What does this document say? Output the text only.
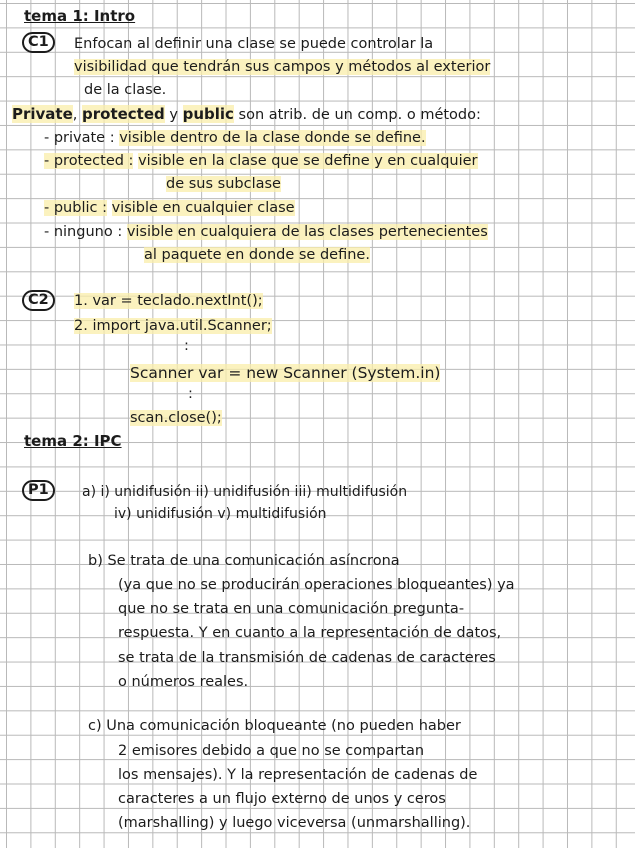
tema 1: Intro
C1	Enfocan al definir una clase se puede controlar la
visibilidad que tendrán sus campos y métodos al exterior
de la clase.
Private, protected y public son atrib. de un comp. o método:
- private : visible dentro de la clase donde se define.
- protected : visible en la clase que se define y en cualquier
de sus subclase
- public : visible en cualquier clase
- ninguno : visible en cualquiera de las clases pertenecientes
al paquete en donde se define.
C2	1. var = teclado.nextInt();
2. import java.util.Scanner;
:
Scanner var = new Scanner (System.in)
:
scan.close();
tema 2: IPC
P1	a) i) unidifusión ii) unidifusión iii) multidifusión
iv) unidifusión v) multidifusión
b) Se trata de una comunicación asíncrona
(ya que no se producirán operaciones bloqueantes) ya
que no se trata en una comunicación pregunta-
respuesta. Y en cuanto a la representación de datos,
se trata de la transmisión de cadenas de caracteres
o números reales.
c) Una comunicación bloqueante (no pueden haber
2 emisores debido a que no se compartan
los mensajes). Y la representación de cadenas de
caracteres a un flujo externo de unos y ceros
(marshalling) y luego viceversa (unmarshalling).
